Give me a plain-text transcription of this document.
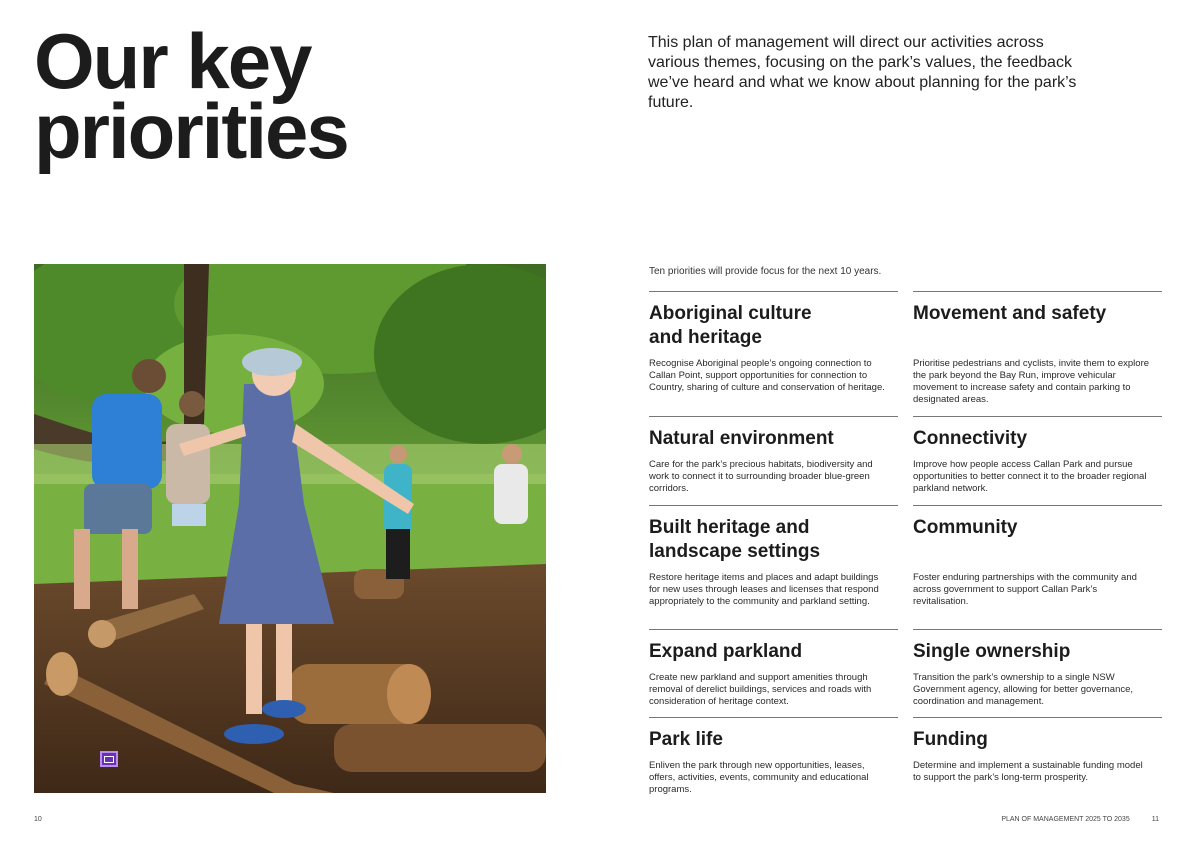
Our key
priorities

This plan of management will direct our activities across various themes, focusing on the park’s values, the feedback we’ve heard and what we know about planning for the park’s future.

Ten priorities will provide focus for the next 10 years.

Aboriginal culture and heritage

Recognise Aboriginal people’s ongoing connection to Callan Point, support opportunities for connection to Country, sharing of culture and conservation of heritage.

Movement and safety

Prioritise pedestrians and cyclists, invite them to explore the park beyond the Bay Run, improve vehicular movement to increase safety and contain parking to designated areas.

Natural environment

Care for the park’s precious habitats, biodiversity and work to connect it to surrounding broader blue-green corridors.

Connectivity

Improve how people access Callan Park and pursue opportunities to better connect it to the broader regional parkland network.

Built heritage and landscape settings

Restore heritage items and places and adapt buildings for new uses through leases and licenses that respond appropriately to the community and parkland setting.

Community

Foster enduring partnerships with the community and across government to support Callan Park’s revitalisation.

Expand parkland

Create new parkland and support amenities through removal of derelict buildings, services and roads with consideration of heritage context.

Single ownership

Transition the park’s ownership to a single NSW Government agency, allowing for better governance, coordination and management.

Park life

Enliven the park through new opportunities, leases, offers, activities, events, community and educational programs.

Funding

Determine and implement a sustainable funding model to support the park’s long-term prosperity.

10	PLAN OF MANAGEMENT 2025 TO 2035	11
